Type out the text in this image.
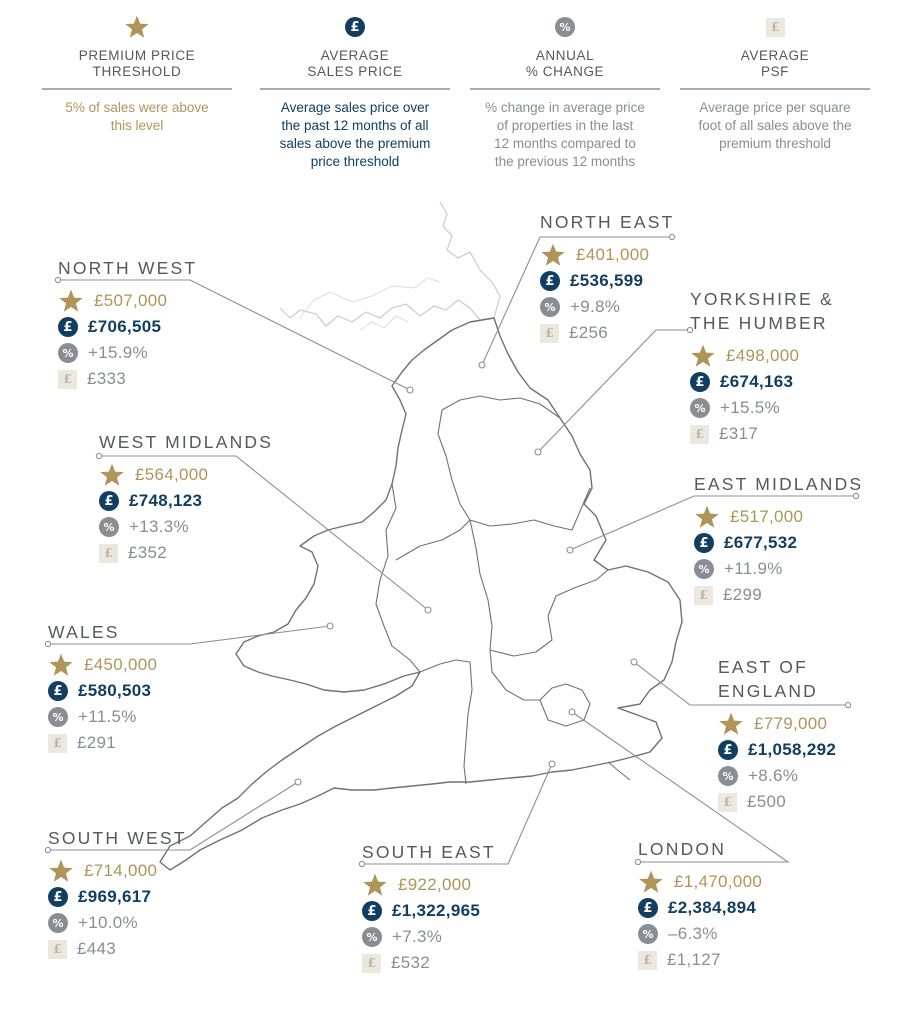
PREMIUM PRICE
THRESHOLD
5% of sales were above
this level
£
AVERAGE
SALES PRICE
Average sales price over
the past 12 months of all
sales above the premium
price threshold
%
ANNUAL
% CHANGE
% change in average price
of properties in the last
12 months compared to
the previous 12 months
£
AVERAGE
PSF
Average price per square
foot of all sales above the
premium threshold
NORTH EAST
£401,000
£ £536,599
% +9.8%
£ £256
NORTH WEST
£507,000
£ £706,505
% +15.9%
£ £333
YORKSHIRE &
THE HUMBER
£498,000
£ £674,163
% +15.5%
£ £317
WEST MIDLANDS
£564,000
£ £748,123
% +13.3%
£ £352
EAST MIDLANDS
£517,000
£ £677,532
% +11.9%
£ £299
WALES
£450,000
£ £580,503
% +11.5%
£ £291
EAST OF
ENGLAND
£779,000
£ £1,058,292
% +8.6%
£ £500
SOUTH WEST
£714,000
£ £969,617
% +10.0%
£ £443
SOUTH EAST
£922,000
£ £1,322,965
% +7.3%
£ £532
LONDON
£1,470,000
£ £2,384,894
% –6.3%
£ £1,127
